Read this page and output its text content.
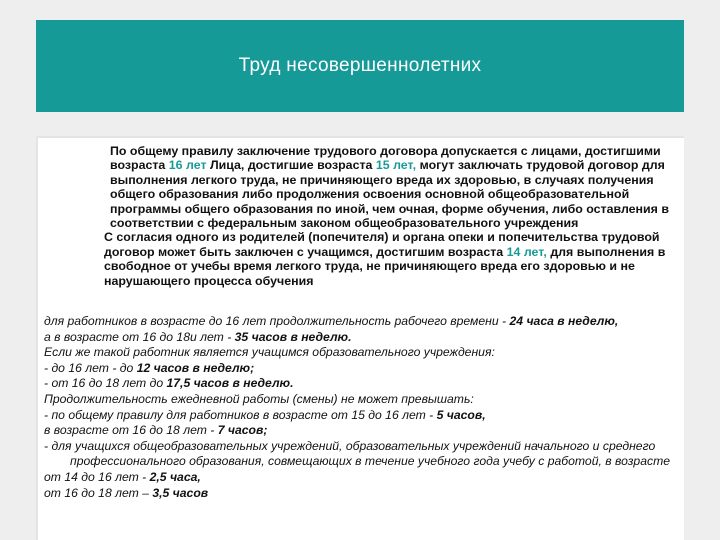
Труд несовершеннолетних

По общему правилу заключение трудового договора допускается с лицами, достигшими возраста 16 лет Лица, достигшие возраста 15 лет, могут заключать трудовой договор для выполнения легкого труда, не причиняющего вреда их здоровью, в случаях получения общего образования либо продолжения освоения основной общеобразовательной программы общего образования по иной, чем очная, форме обучения, либо оставления в соответствии с федеральным законом общеобразовательного учреждения

С согласия одного из родителей (попечителя) и органа опеки и попечительства трудовой договор может быть заключен с учащимся, достигшим возраста 14 лет, для выполнения в свободное от учебы время легкого труда, не причиняющего вреда его здоровью и не нарушающего процесса обучения

для работников в возрасте до 16 лет продолжительность рабочего времени - 24 часа в неделю,

а в возрасте от 16 до 18и лет - 35 часов в неделю.

Если же такой работник является учащимся образовательного учреждения:

- до 16 лет - до 12 часов в неделю;

- от 16 до 18 лет до 17,5 часов в неделю.

Продолжительность ежедневной работы (смены) не может превышать:

- по общему правилу для работников в возрасте от 15 до 16 лет - 5 часов,

в возрасте от 16 до 18 лет - 7 часов;

- для учащихся общеобразовательных учреждений, образовательных учреждений начального и среднего профессионального образования, совмещающих в течение учебного года учебу с работой, в возрасте

от 14 до 16 лет - 2,5 часа,

от 16 до 18 лет – 3,5 часов
